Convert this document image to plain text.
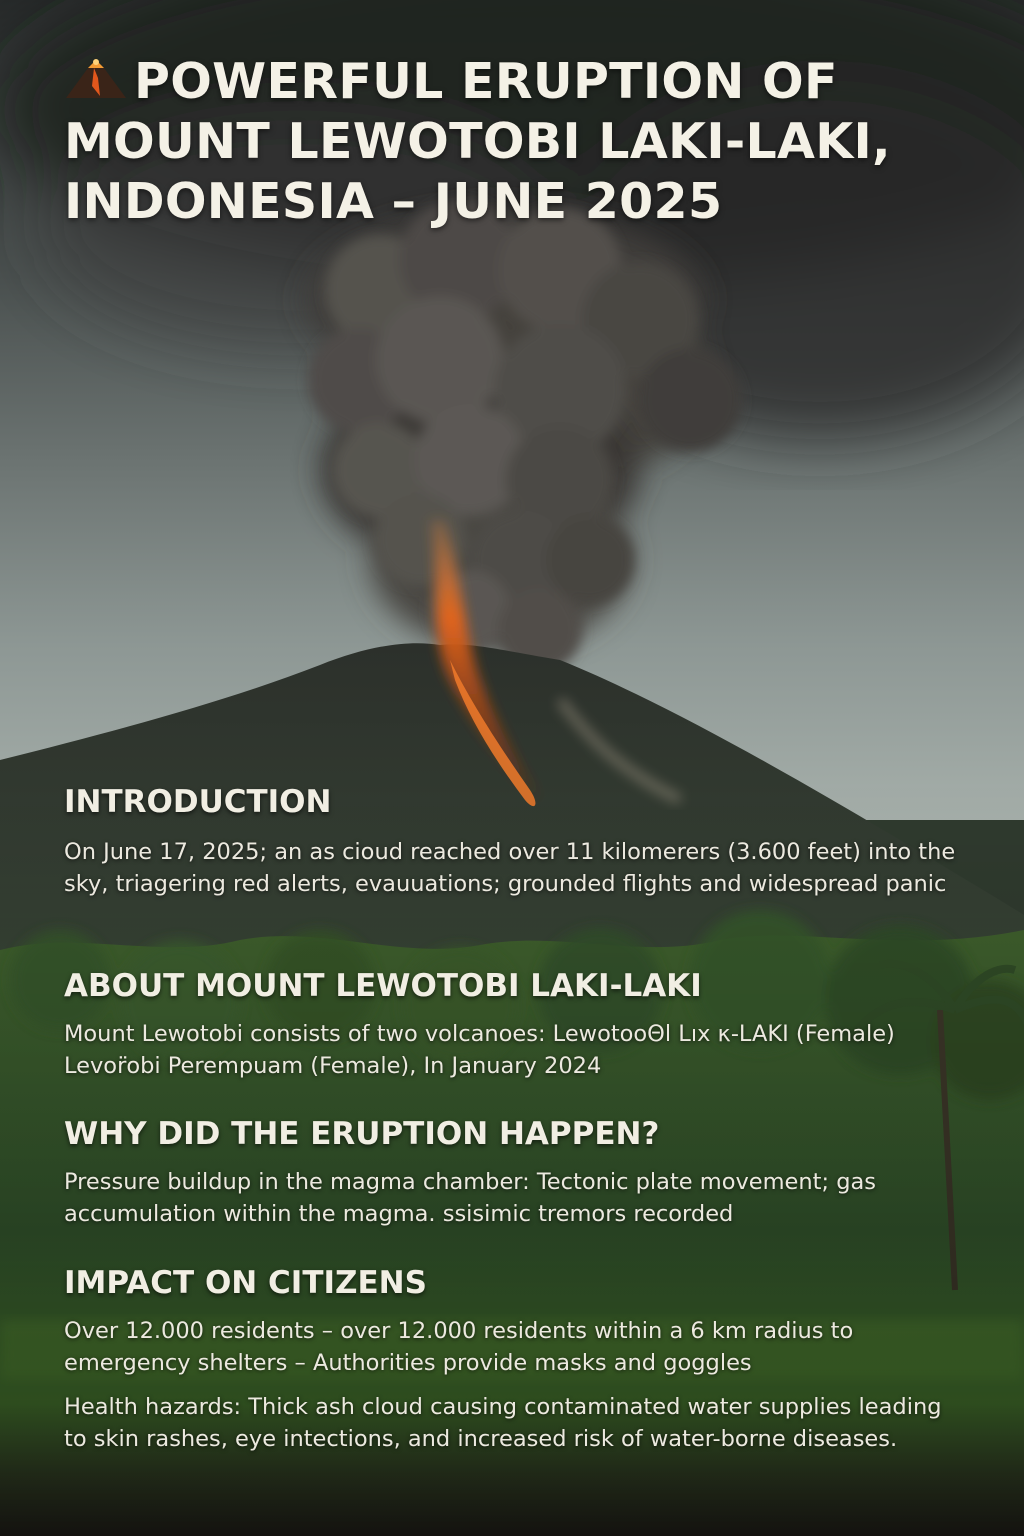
POWERFUL ERUPTION OF MOUNT LEWOTOBI LAKI-LAKI, INDONESIA – JUNE 2025
INTRODUCTION

On June 17, 2025; an as cioud reached over 11 kilomerers (3.600 feet) into the sky, triagering red alerts, evauuations; grounded flights and widespread panic

ABOUT MOUNT LEWOTOBI LAKI-LAKI

Mount Lewotobi consists of two volcanoes: LewotooΘl Lıx κ-LAKI (Female) Levor̈obi Perempuam (Female), In January 2024

WHY DID THE ERUPTION HAPPEN?

Pressure buildup in the magma chamber: Tectonic plate movement; gas accumulation within the magma. ssisimic tremors recorded

IMPACT ON CITIZENS

Over 12.000 residents – over 12.000 residents within a 6 km radius to emergency shelters – Authorities provide masks and goggles

Health hazards: Thick ash cloud causing contaminated water supplies leading to skin rashes, eye intections, and increased risk of water-borne diseases.
